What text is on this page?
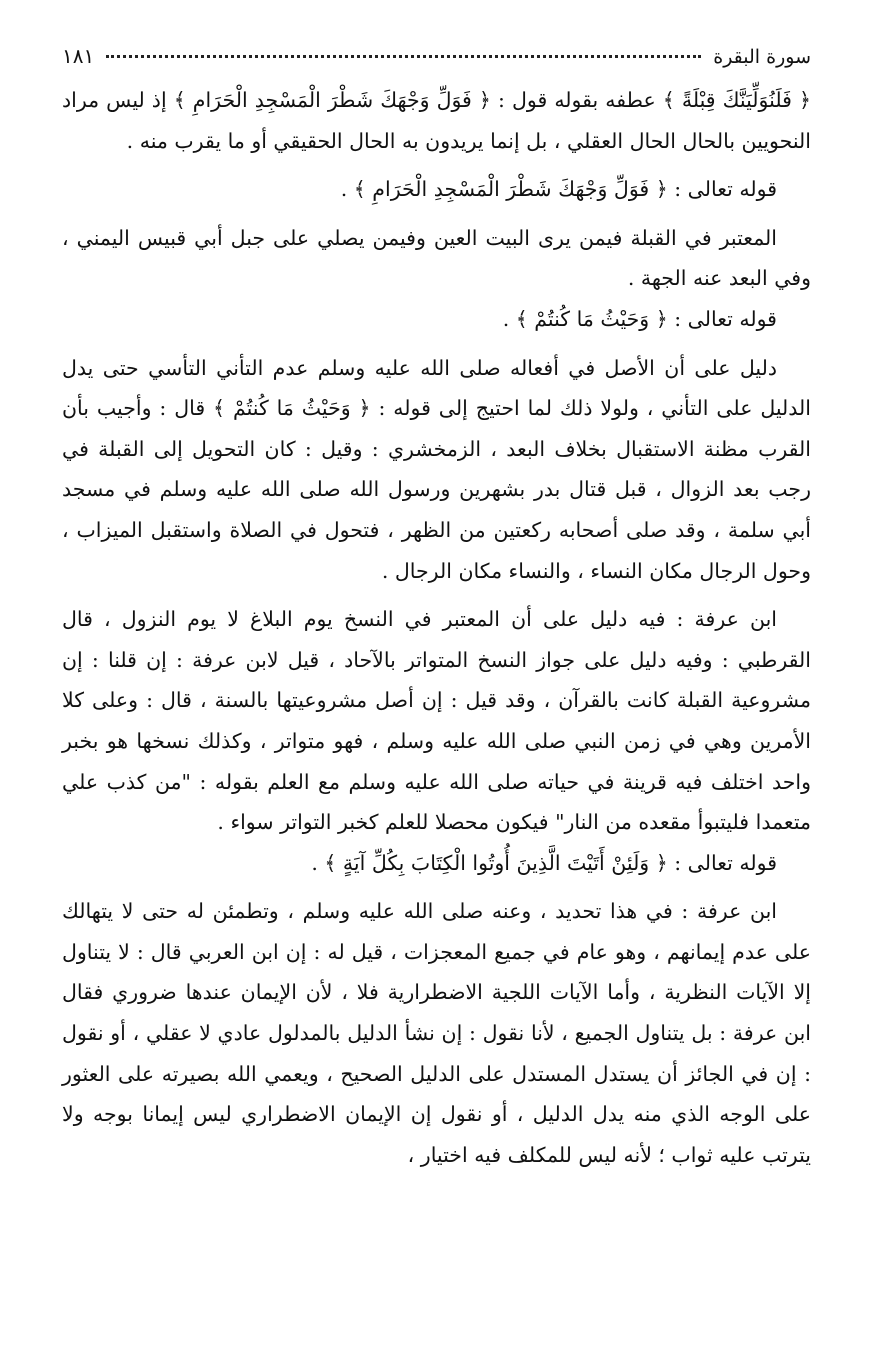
سورة البقرة
١٨١

﴿ فَلَنُوَلِّيَنَّكَ قِبْلَةً ﴾ عطفه بقوله قول : ﴿ فَوَلِّ وَجْهَكَ شَطْرَ الْمَسْجِدِ الْحَرَامِ ﴾ إذ ليس مراد النحويين بالحال الحال العقلي ، بل إنما يريدون به الحال الحقيقي أو ما يقرب منه .

قوله تعالى : ﴿ فَوَلِّ وَجْهَكَ شَطْرَ الْمَسْجِدِ الْحَرَامِ ﴾ .

المعتبر في القبلة فيمن يرى البيت العين وفيمن يصلي على جبل أبي قبيس اليمني ، وفي البعد عنه الجهة .

قوله تعالى : ﴿ وَحَيْثُ مَا كُنتُمْ ﴾ .

دليل على أن الأصل في أفعاله صلى الله عليه وسلم عدم التأني التأسي حتى يدل الدليل على التأني ، ولولا ذلك لما احتيج إلى قوله : ﴿ وَحَيْثُ مَا كُنتُمْ ﴾ قال : وأجيب بأن القرب مظنة الاستقبال بخلاف البعد ، الزمخشري : وقيل : كان التحويل إلى القبلة في رجب بعد الزوال ، قبل قتال بدر بشهرين ورسول الله صلى الله عليه وسلم في مسجد أبي سلمة ، وقد صلى أصحابه ركعتين من الظهر ، فتحول في الصلاة واستقبل الميزاب ، وحول الرجال مكان النساء ، والنساء مكان الرجال .

ابن عرفة : فيه دليل على أن المعتبر في النسخ يوم البلاغ لا يوم النزول ، قال القرطبي : وفيه دليل على جواز النسخ المتواتر بالآحاد ، قيل لابن عرفة : إن قلنا : إن مشروعية القبلة كانت بالقرآن ، وقد قيل : إن أصل مشروعيتها بالسنة ، قال : وعلى كلا الأمرين وهي في زمن النبي صلى الله عليه وسلم ، فهو متواتر ، وكذلك نسخها هو بخبر واحد اختلف فيه قرينة في حياته صلى الله عليه وسلم مع العلم بقوله : "من كذب علي متعمدا فليتبوأ مقعده من النار" فيكون محصلا للعلم كخبر التواتر سواء .

قوله تعالى : ﴿ وَلَئِنْ أَتَيْتَ الَّذِينَ أُوتُوا الْكِتَابَ بِكُلِّ آيَةٍ ﴾ .

ابن عرفة : في هذا تحديد ، وعنه صلى الله عليه وسلم ، وتطمئن له حتى لا يتهالك على عدم إيمانهم ، وهو عام في جميع المعجزات ، قيل له : إن ابن العربي قال : لا يتناول إلا الآيات النظرية ، وأما الآيات اللجية الاضطرارية فلا ، لأن الإيمان عندها ضروري فقال ابن عرفة : بل يتناول الجميع ، لأنا نقول : إن نشأ الدليل بالمدلول عادي لا عقلي ، أو نقول : إن في الجائز أن يستدل المستدل على الدليل الصحيح ، ويعمي الله بصيرته على العثور على الوجه الذي منه يدل الدليل ، أو نقول إن الإيمان الاضطراري ليس إيمانا بوجه ولا يترتب عليه ثواب ؛ لأنه ليس للمكلف فيه اختيار ،
